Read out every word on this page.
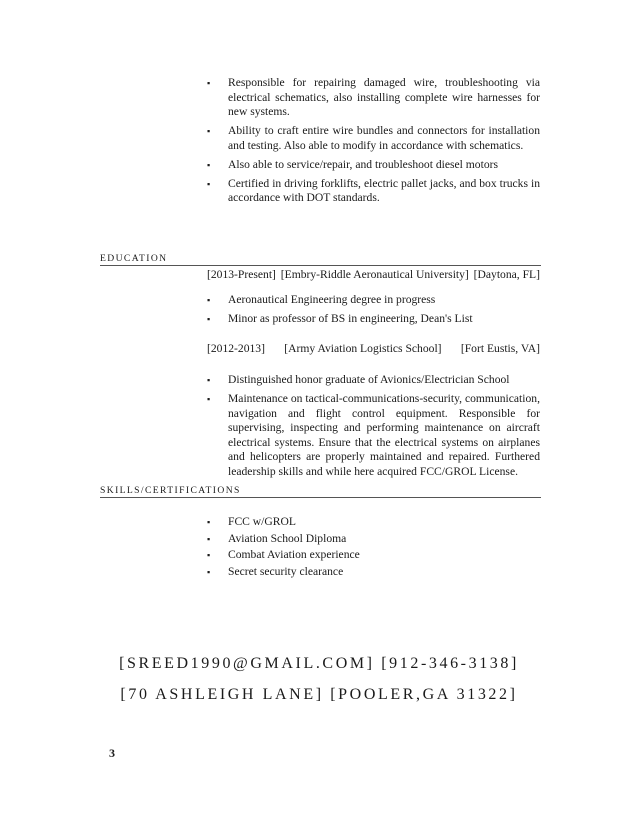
▪ Responsible for repairing damaged wire, troubleshooting via electrical schematics, also installing complete wire harnesses for new systems.
▪ Ability to craft entire wire bundles and connectors for installation and testing. Also able to modify in accordance with schematics.
▪ Also able to service/repair, and troubleshoot diesel motors
▪ Certified in driving forklifts, electric pallet jacks, and box trucks in accordance with DOT standards.
EDUCATION
[2013-Present] [Embry-Riddle Aeronautical University] [Daytona, FL]
▪ Aeronautical Engineering degree in progress
▪ Minor as professor of BS in engineering, Dean's List
[2012-2013] [Army Aviation Logistics School] [Fort Eustis, VA]
▪ Distinguished honor graduate of Avionics/Electrician School
▪ Maintenance on tactical-communications-security, communication, navigation and flight control equipment. Responsible for supervising, inspecting and performing maintenance on aircraft electrical systems. Ensure that the electrical systems on airplanes and helicopters are properly maintained and repaired. Furthered leadership skills and while here acquired FCC/GROL License.
SKILLS/CERTIFICATIONS
▪ FCC w/GROL
▪ Aviation School Diploma
▪ Combat Aviation experience
▪ Secret security clearance
[SREED1990@GMAIL.COM] [912-346-3138]
[70 ASHLEIGH LANE] [POOLER,GA 31322]
3
